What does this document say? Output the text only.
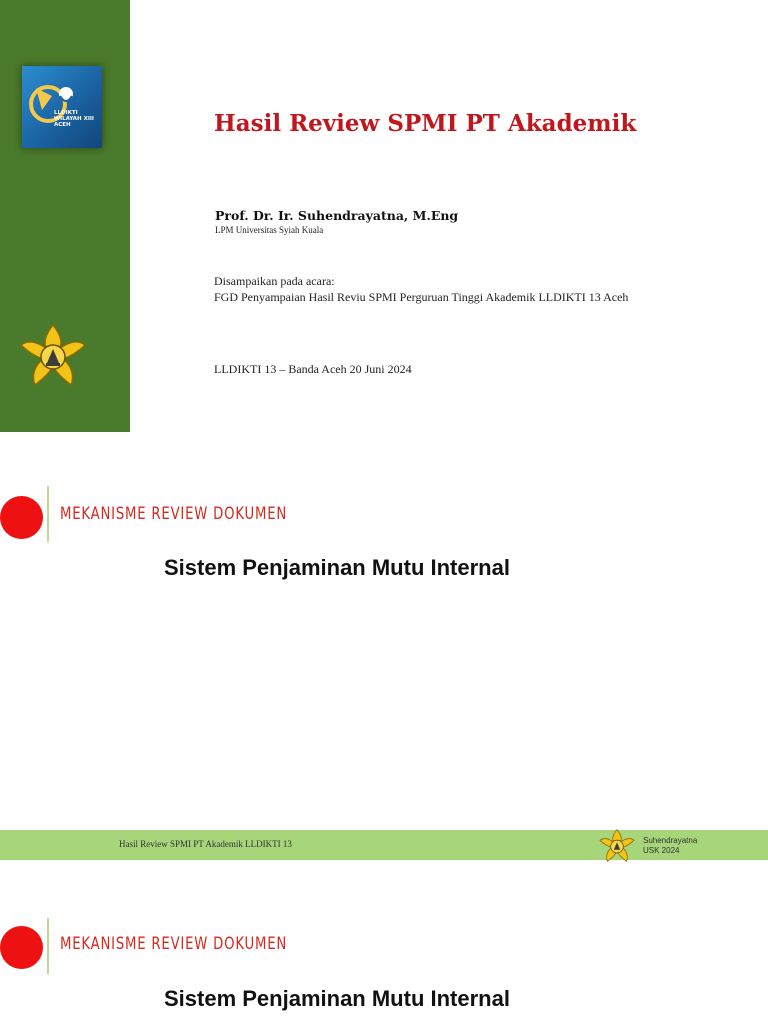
LLDIKTI WILAYAH XIII ACEH	Hasil Review SPMI PT Akademik
Prof. Dr. Ir. Suhendrayatna, M.Eng
LPM Universitas Syiah Kuala
Disampaikan pada acara:
FGD Penyampaian Hasil Reviu SPMI Perguruan Tinggi Akademik LLDIKTI 13 Aceh
LLDIKTI 13 – Banda Aceh 20 Juni 2024
MEKANISME REVIEW DOKUMEN
Sistem Penjaminan Mutu Internal
Hasil Review SPMI PT Akademik LLDIKTI 13	Suhendrayatna
USK 2024
MEKANISME REVIEW DOKUMEN
Sistem Penjaminan Mutu Internal
